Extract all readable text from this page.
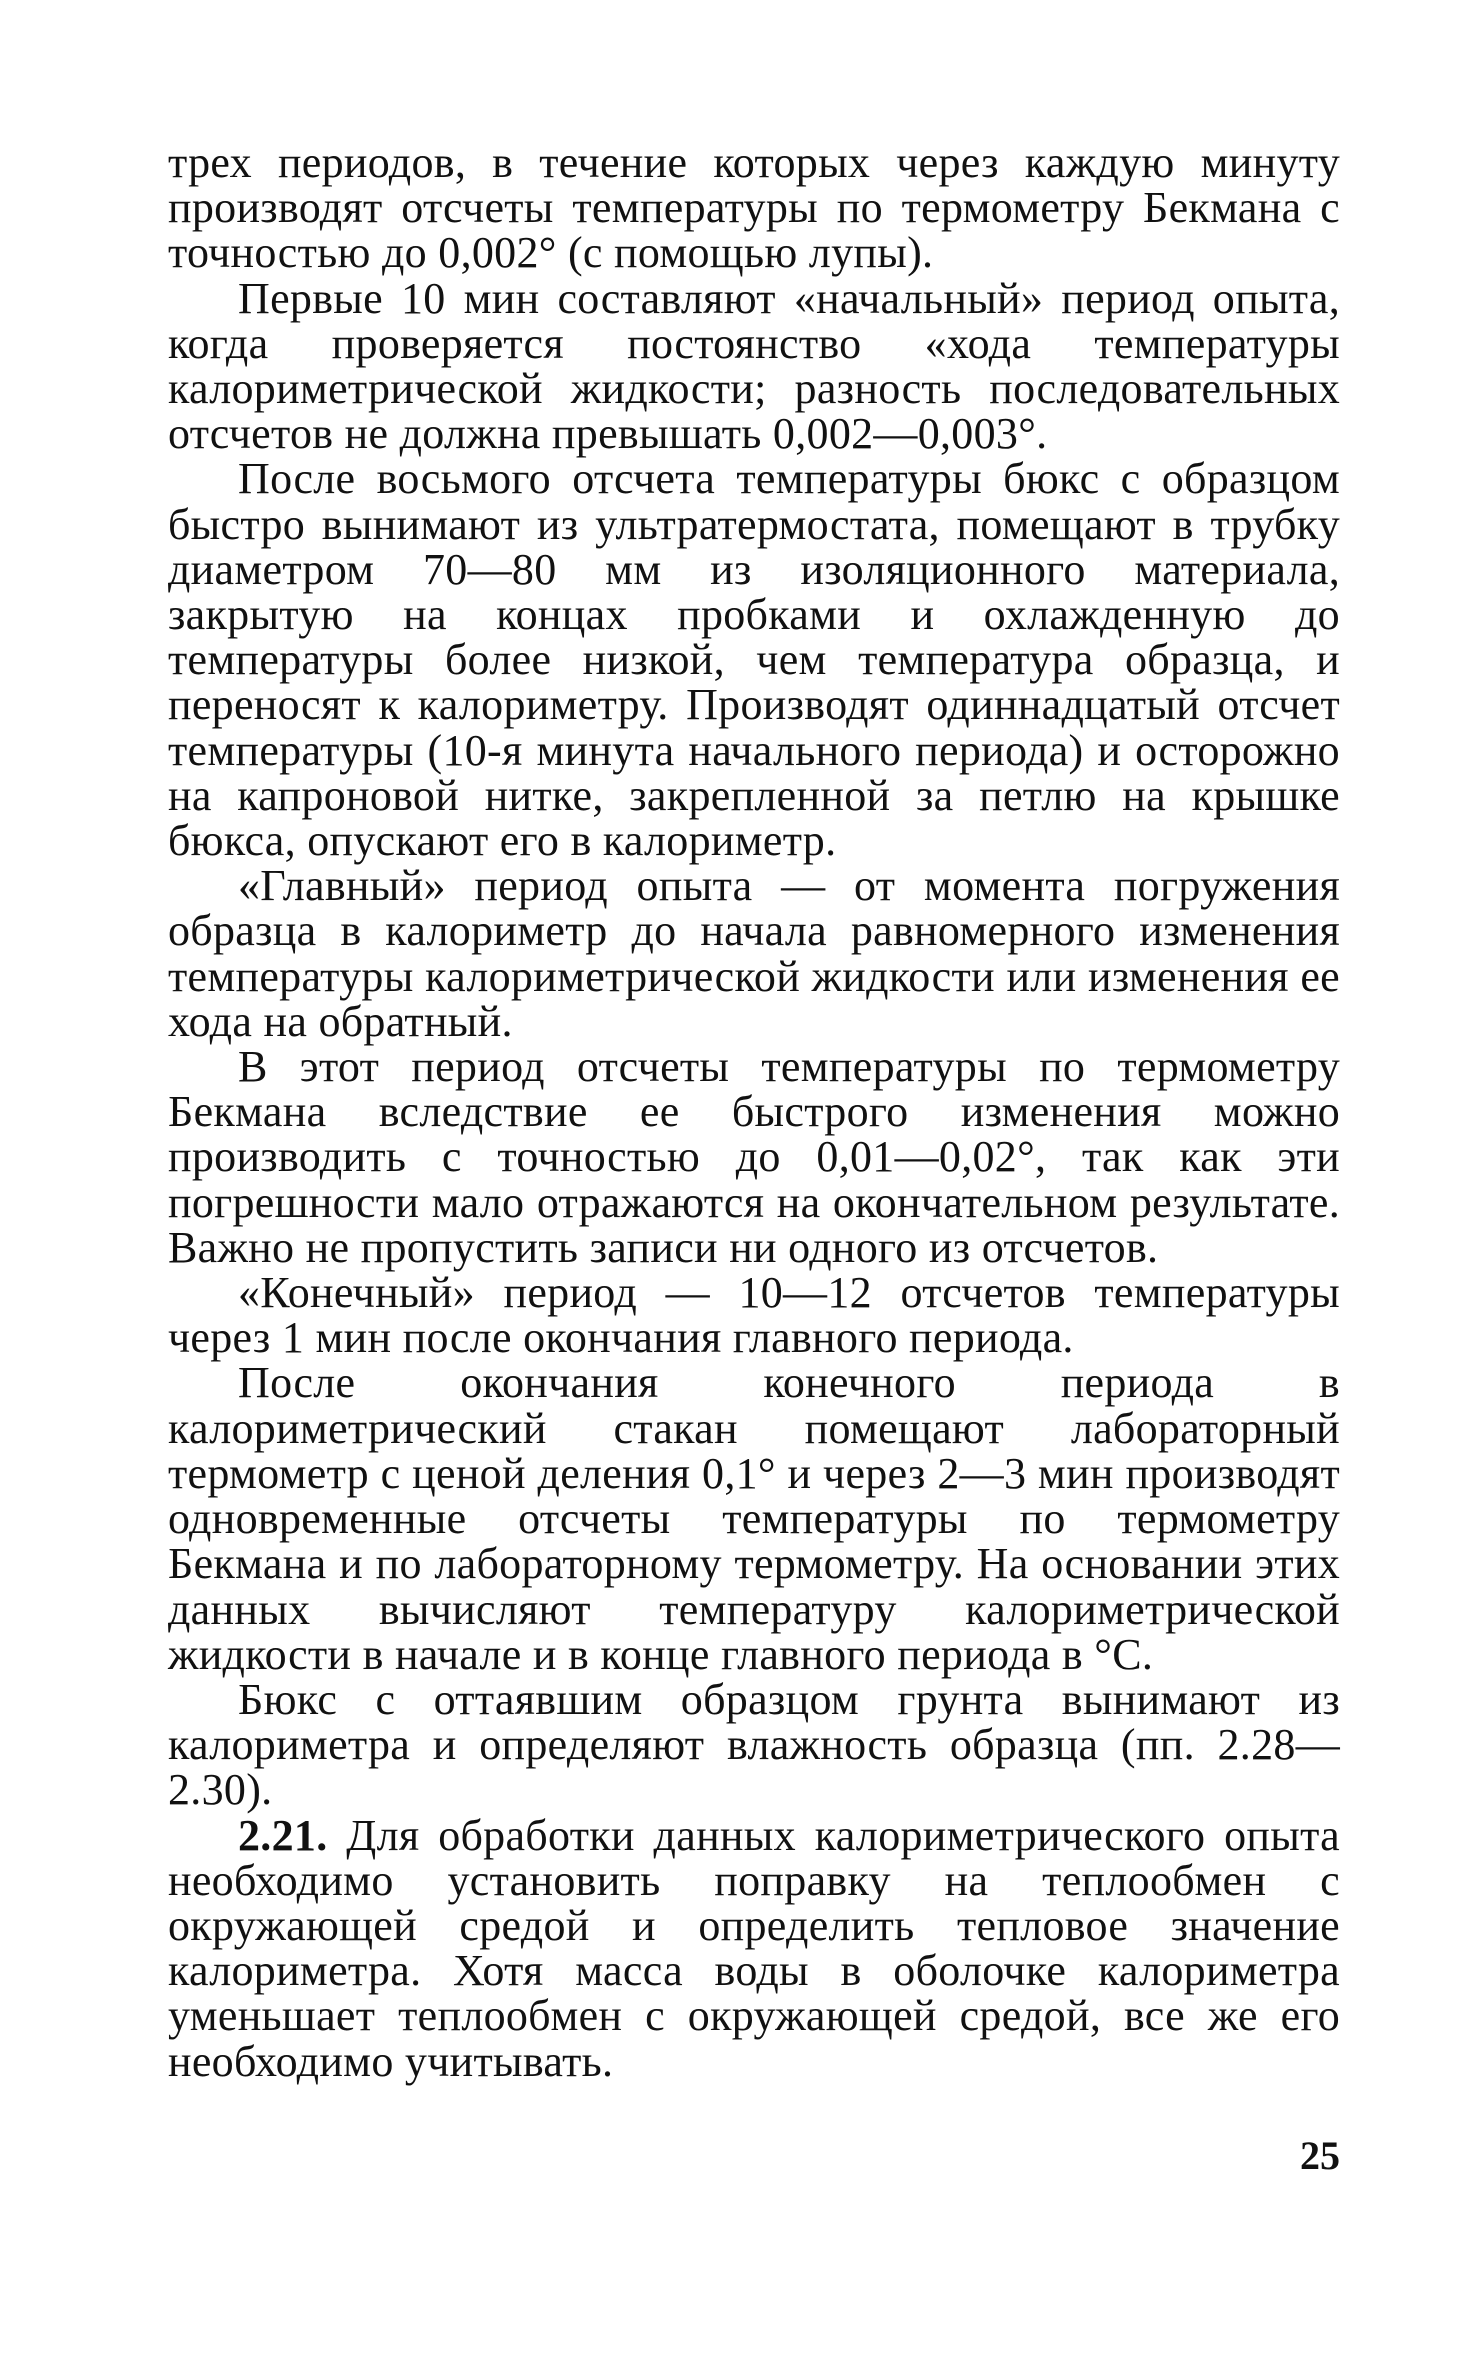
трех периодов, в течение которых через каждую минуту производят отсчеты температуры по термометру Бекмана с точностью до 0,002° (с помощью лупы).

Первые 10 мин составляют «начальный» период опыта, когда проверяется постоянство «хода температуры калориметрической жидкости; разность последовательных отсчетов не должна превышать 0,002—0,003°.

После восьмого отсчета температуры бюкс с образцом быстро вынимают из ультратермостата, помещают в трубку диаметром 70—80 мм из изоляционного материала, закрытую на концах пробками и охлажденную до температуры более низкой, чем температура образца, и переносят к калориметру. Производят одиннадцатый отсчет температуры (10-я минута начального периода) и осторожно на капроновой нитке, закрепленной за петлю на крышке бюкса, опускают его в калориметр.

«Главный» период опыта — от момента погружения образца в калориметр до начала равномерного изменения температуры калориметрической жидкости или изменения ее хода на обратный.

В этот период отсчеты температуры по термометру Бекмана вследствие ее быстрого изменения можно производить с точностью до 0,01—0,02°, так как эти погрешности мало отражаются на окончательном результате. Важно не пропустить записи ни одного из отсчетов.

«Конечный» период — 10—12 отсчетов температуры через 1 мин после окончания главного периода.

После окончания конечного периода в калориметрический стакан помещают лабораторный термометр с ценой деления 0,1° и через 2—3 мин производят одновременные отсчеты температуры по термометру Бекмана и по лабораторному термометру. На основании этих данных вычисляют температуру калориметрической жидкости в начале и в конце главного периода в °С.

Бюкс с оттаявшим образцом грунта вынимают из калориметра и определяют влажность образца (пп. 2.28—2.30).

2.21. Для обработки данных калориметрического опыта необходимо установить поправку на теплообмен с окружающей средой и определить тепловое значение калориметра. Хотя масса воды в оболочке калориметра уменьшает теплообмен с окружающей средой, все же его необходимо учитывать.

25
